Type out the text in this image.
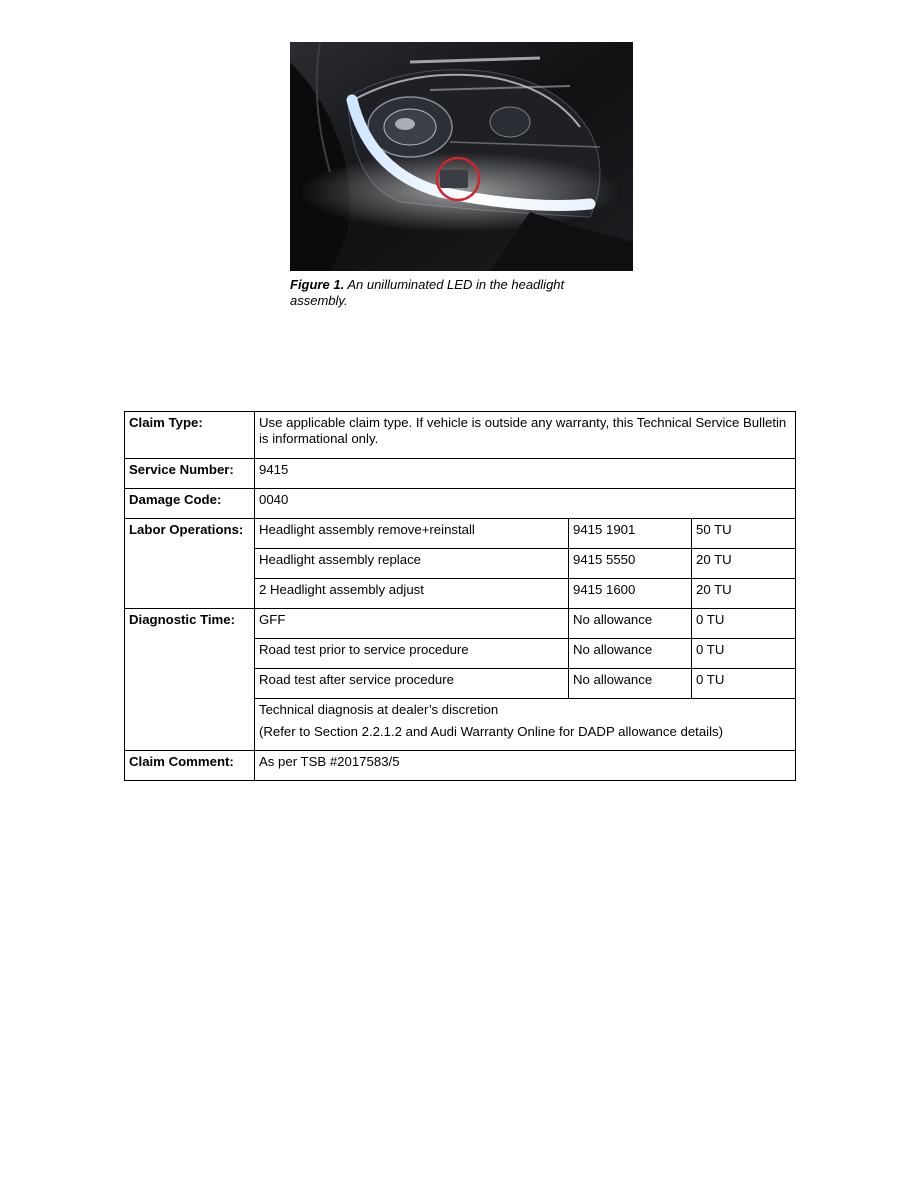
Figure 1. An unilluminated LED in the headlight assembly.
Claim Type:	Use applicable claim type. If vehicle is outside any warranty, this Technical Service Bulletin is informational only.		
Service Number:	9415		
Damage Code:	0040		
Labor Operations:	Headlight assembly remove+reinstall	9415 1901	50 TU
	Headlight assembly replace	9415 5550	20 TU
	2 Headlight assembly adjust	9415 1600	20 TU
Diagnostic Time:	GFF	No allowance	0 TU
	Road test prior to service procedure	No allowance	0 TU
	Road test after service procedure	No allowance	0 TU
	Technical diagnosis at dealer’s discretion
(Refer to Section 2.2.1.2 and Audi Warranty Online for DADP allowance details)		

Claim Comment:	As per TSB #2017583/5		
